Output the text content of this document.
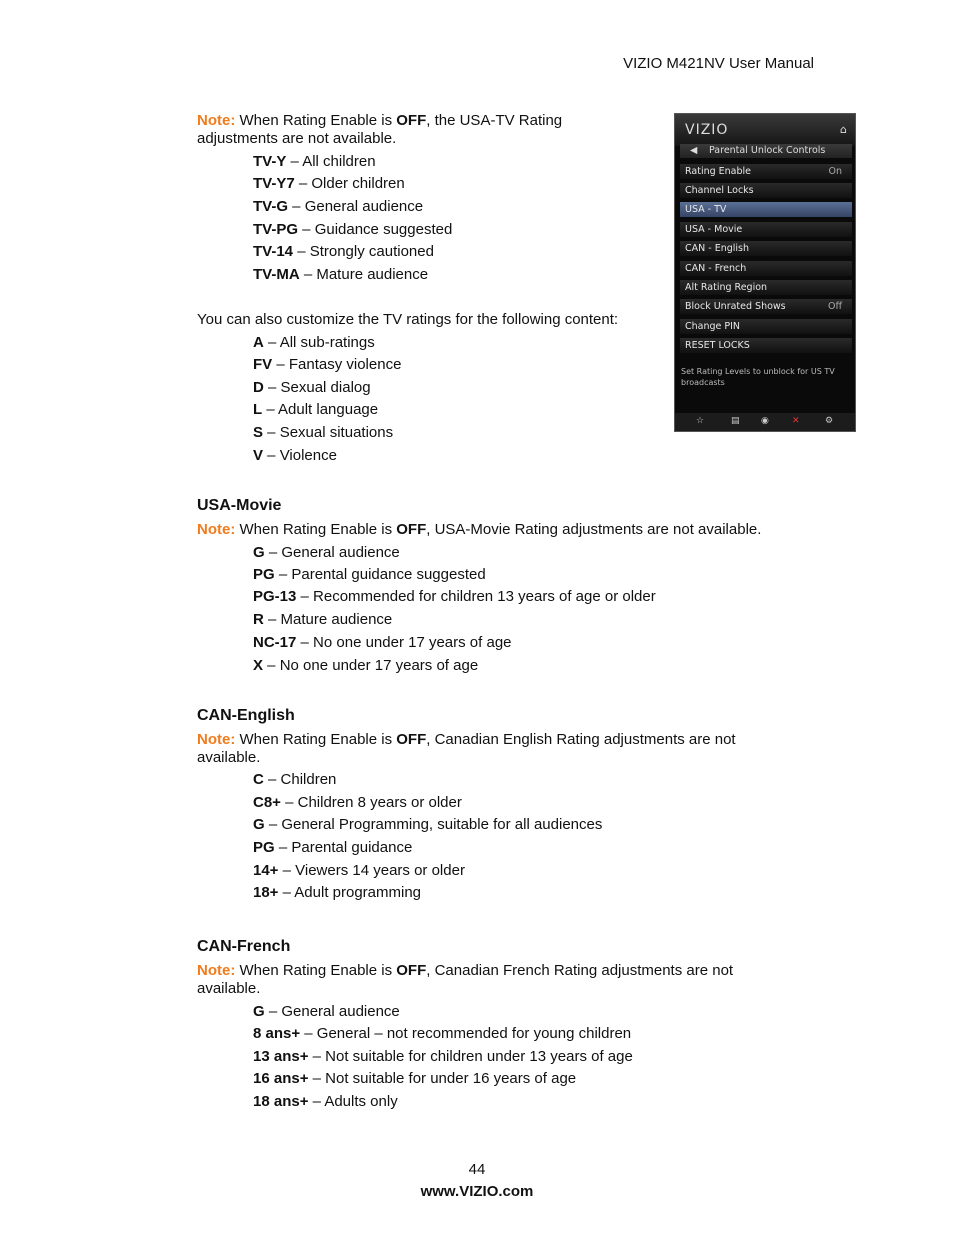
VIZIO M421NV User Manual
Note: When Rating Enable is OFF, the USA-TV Rating
adjustments are not available.
TV-Y – All children
TV-Y7 – Older children
TV-G – General audience
TV-PG – Guidance suggested
TV-14 – Strongly cautioned
TV-MA – Mature audience
You can also customize the TV ratings for the following content:
A – All sub-ratings
FV – Fantasy violence
D – Sexual dialog
L – Adult language
S – Sexual situations
V – Violence
VIZIO	⌂
◀ Parental Unlock Controls
Rating Enable	On
Channel Locks
USA - TV
USA - Movie
CAN - English
CAN - French
Alt Rating Region
Block Unrated Shows	Off
Change PIN
RESET LOCKS
Set Rating Levels to unblock for US TV broadcasts
☆	▤ ◉	✕	⚙
USA-Movie
Note: When Rating Enable is OFF, USA-Movie Rating adjustments are not available.
G – General audience
PG – Parental guidance suggested
PG-13 – Recommended for children 13 years of age or older
R – Mature audience
NC-17 – No one under 17 years of age
X – No one under 17 years of age
CAN-English
Note: When Rating Enable is OFF, Canadian English Rating adjustments are not
available.
C – Children
C8+ – Children 8 years or older
G – General Programming, suitable for all audiences
PG – Parental guidance
14+ – Viewers 14 years or older
18+ – Adult programming
CAN-French
Note: When Rating Enable is OFF, Canadian French Rating adjustments are not
available.
G – General audience
8 ans+ – General – not recommended for young children
13 ans+ – Not suitable for children under 13 years of age
16 ans+ – Not suitable for under 16 years of age
18 ans+ – Adults only
44
www.VIZIO.com
